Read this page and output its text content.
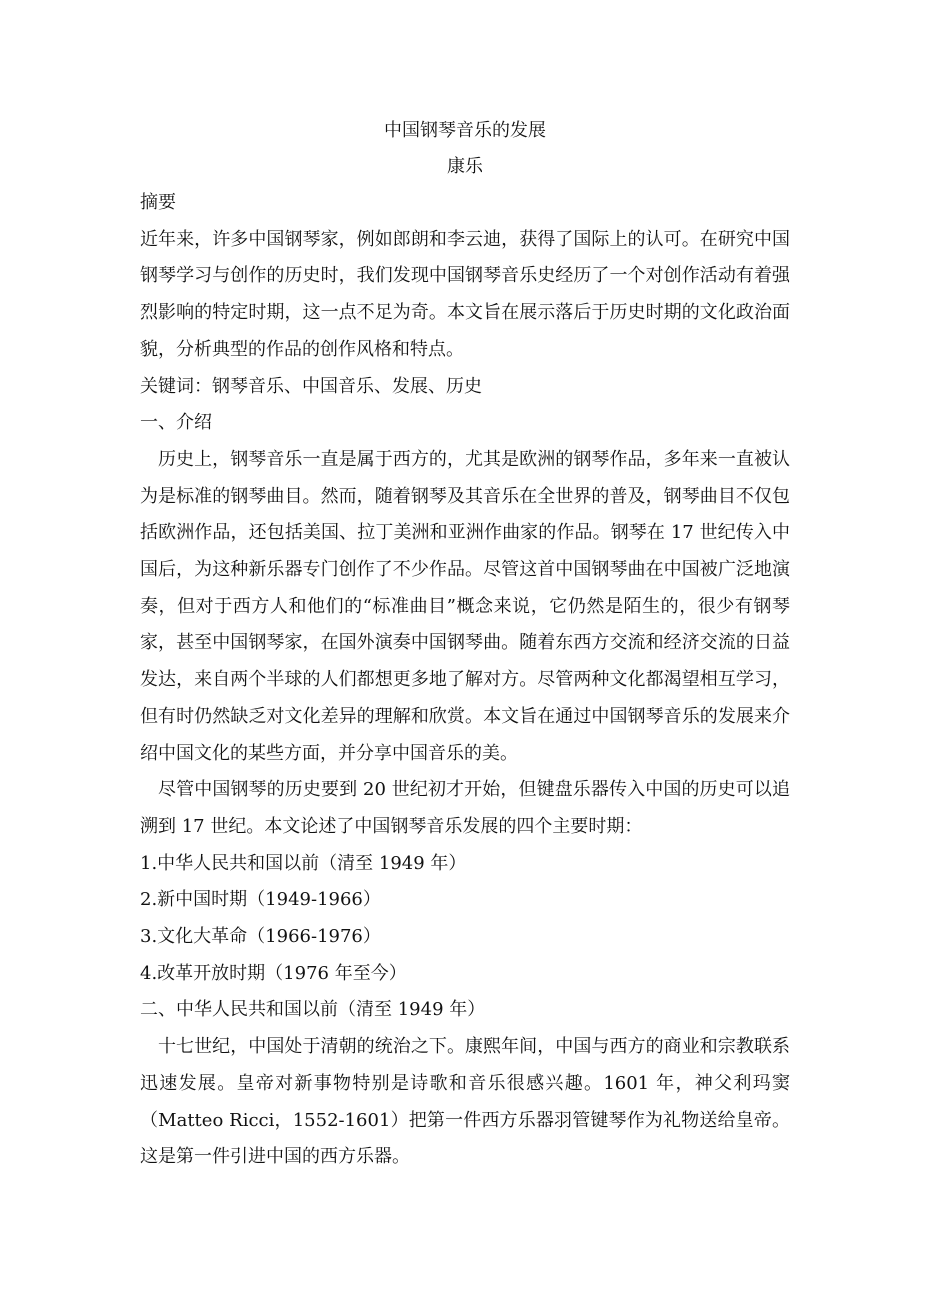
中国钢琴音乐的发展

康乐

摘要

近年来，许多中国钢琴家，例如郎朗和李云迪，获得了国际上的认可。在研究中国钢琴学习与创作的历史时，我们发现中国钢琴音乐史经历了一个对创作活动有着强烈影响的特定时期，这一点不足为奇。本文旨在展示落后于历史时期的文化政治面貌，分析典型的作品的创作风格和特点。

关键词：钢琴音乐、中国音乐、发展、历史

一、介绍

历史上，钢琴音乐一直是属于西方的，尤其是欧洲的钢琴作品，多年来一直被认为是标准的钢琴曲目。然而，随着钢琴及其音乐在全世界的普及，钢琴曲目不仅包括欧洲作品，还包括美国、拉丁美洲和亚洲作曲家的作品。钢琴在 17 世纪传入中国后，为这种新乐器专门创作了不少作品。尽管这首中国钢琴曲在中国被广泛地演奏，但对于西方人和他们的“标准曲目”概念来说，它仍然是陌生的，很少有钢琴家，甚至中国钢琴家，在国外演奏中国钢琴曲。随着东西方交流和经济交流的日益发达，来自两个半球的人们都想更多地了解对方。尽管两种文化都渴望相互学习，但有时仍然缺乏对文化差异的理解和欣赏。本文旨在通过中国钢琴音乐的发展来介绍中国文化的某些方面，并分享中国音乐的美。

尽管中国钢琴的历史要到 20 世纪初才开始，但键盘乐器传入中国的历史可以追溯到 17 世纪。本文论述了中国钢琴音乐发展的四个主要时期：

1.中华人民共和国以前（清至 1949 年）

2.新中国时期（1949-1966）

3.文化大革命（1966-1976）

4.改革开放时期（1976 年至今）

二、中华人民共和国以前（清至 1949 年）

十七世纪，中国处于清朝的统治之下。康熙年间，中国与西方的商业和宗教联系迅速发展。皇帝对新事物特别是诗歌和音乐很感兴趣。1601 年，神父利玛窦（Matteo Ricci，1552-1601）把第一件西方乐器羽管键琴作为礼物送给皇帝。这是第一件引进中国的西方乐器。
